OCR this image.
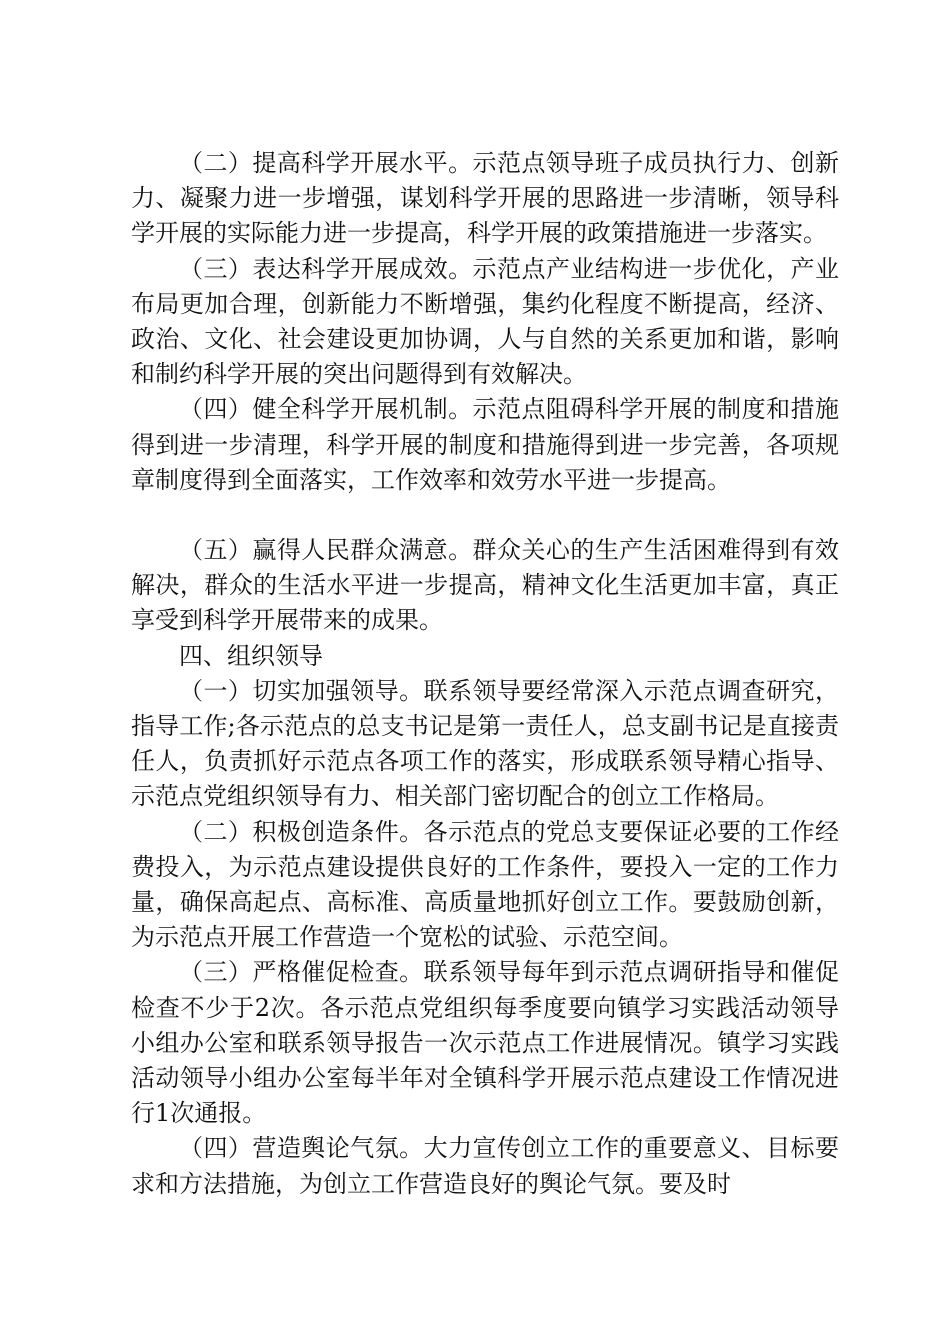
（二）提高科学开展水平。示范点领导班子成员执行力、创新力、凝聚力进一步增强，谋划科学开展的思路进一步清晰，领导科学开展的实际能力进一步提高，科学开展的政策措施进一步落实。

（三）表达科学开展成效。示范点产业结构进一步优化，产业布局更加合理，创新能力不断增强，集约化程度不断提高，经济、政治、文化、社会建设更加协调，人与自然的关系更加和谐，影响和制约科学开展的突出问题得到有效解决。

（四）健全科学开展机制。示范点阻碍科学开展的制度和措施得到进一步清理，科学开展的制度和措施得到进一步完善，各项规章制度得到全面落实，工作效率和效劳水平进一步提高。

（五）赢得人民群众满意。群众关心的生产生活困难得到有效解决，群众的生活水平进一步提高，精神文化生活更加丰富，真正享受到科学开展带来的成果。

四、组织领导

（一）切实加强领导。联系领导要经常深入示范点调查研究，指导工作;各示范点的总支书记是第一责任人，总支副书记是直接责任人，负责抓好示范点各项工作的落实，形成联系领导精心指导、示范点党组织领导有力、相关部门密切配合的创立工作格局。

（二）积极创造条件。各示范点的党总支要保证必要的工作经费投入，为示范点建设提供良好的工作条件，要投入一定的工作力量，确保高起点、高标准、高质量地抓好创立工作。要鼓励创新，为示范点开展工作营造一个宽松的试验、示范空间。

（三）严格催促检查。联系领导每年到示范点调研指导和催促检查不少于2次。各示范点党组织每季度要向镇学习实践活动领导小组办公室和联系领导报告一次示范点工作进展情况。镇学习实践活动领导小组办公室每半年对全镇科学开展示范点建设工作情况进行1次通报。

（四）营造舆论气氛。大力宣传创立工作的重要意义、目标要求和方法措施，为创立工作营造良好的舆论气氛。要及时
